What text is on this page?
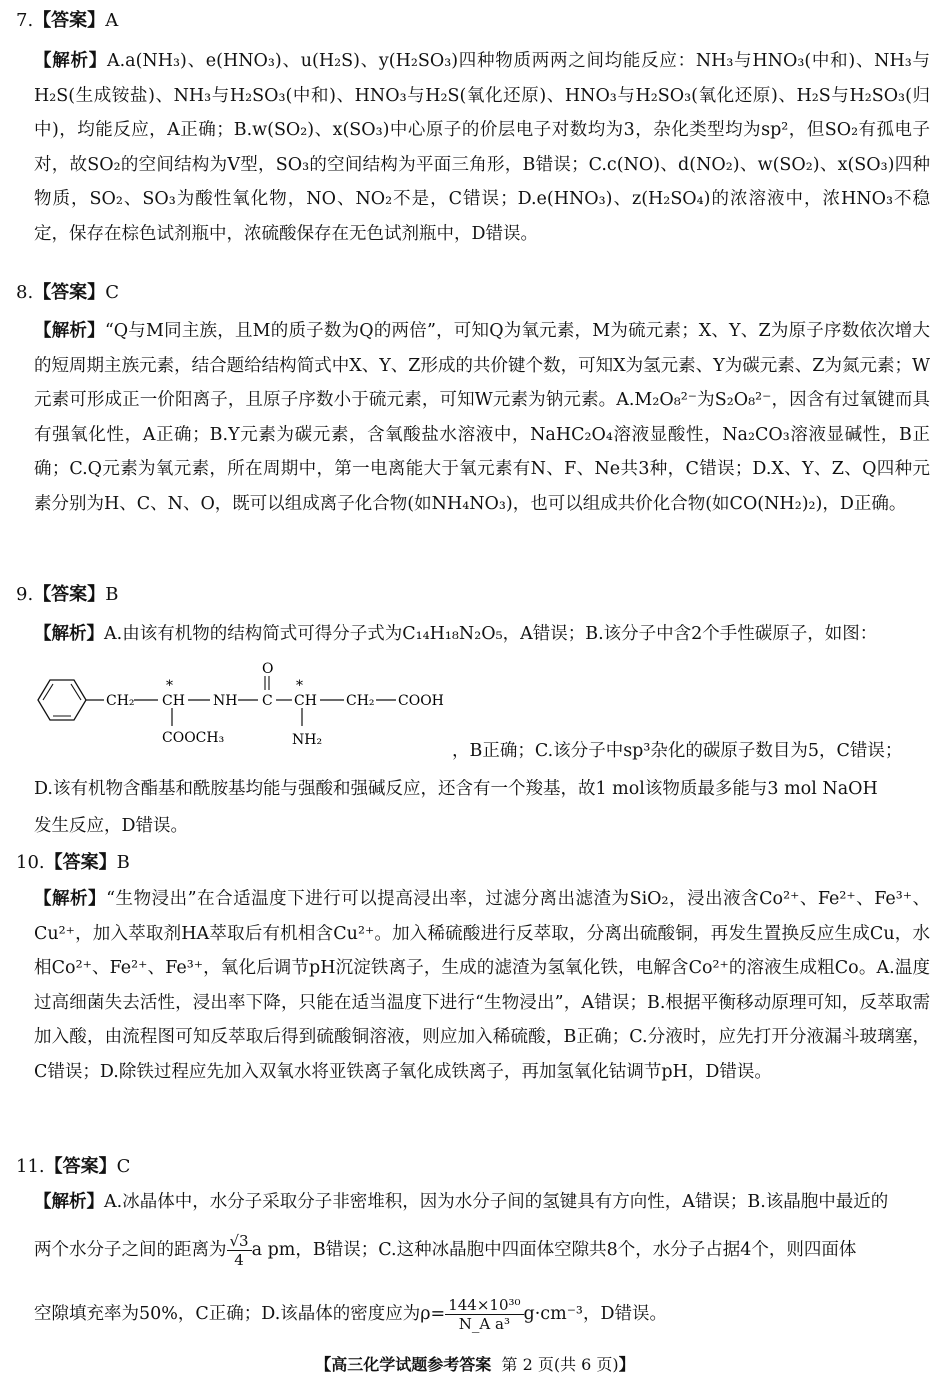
7.【答案】A
【解析】A.a(NH₃)、e(HNO₃)、u(H₂S)、y(H₂SO₃)四种物质两两之间均能反应：NH₃与HNO₃(中和)、NH₃与H₂S(生成铵盐)、NH₃与H₂SO₃(中和)、HNO₃与H₂S(氧化还原)、HNO₃与H₂SO₃(氧化还原)、H₂S与H₂SO₃(归中)，均能反应，A正确；B.w(SO₂)、x(SO₃)中心原子的价层电子对数均为3，杂化类型均为sp²，但SO₂有孤电子对，故SO₂的空间结构为V型，SO₃的空间结构为平面三角形，B错误；C.c(NO)、d(NO₂)、w(SO₂)、x(SO₃)四种物质，SO₂、SO₃为酸性氧化物，NO、NO₂不是，C错误；D.e(HNO₃)、z(H₂SO₄)的浓溶液中，浓HNO₃不稳定，保存在棕色试剂瓶中，浓硫酸保存在无色试剂瓶中，D错误。
8.【答案】C
【解析】“Q与M同主族，且M的质子数为Q的两倍”，可知Q为氧元素，M为硫元素；X、Y、Z为原子序数依次增大的短周期主族元素，结合题给结构简式中X、Y、Z形成的共价键个数，可知X为氢元素、Y为碳元素、Z为氮元素；W元素可形成正一价阳离子，且原子序数小于硫元素，可知W元素为钠元素。A.M₂O₈²⁻为S₂O₈²⁻，因含有过氧键而具有强氧化性，A正确；B.Y元素为碳元素，含氧酸盐水溶液中，NaHC₂O₄溶液显酸性，Na₂CO₃溶液显碱性，B正确；C.Q元素为氧元素，所在周期中，第一电离能大于氧元素有N、F、Ne共3种，C错误；D.X、Y、Z、Q四种元素分别为H、C、N、O，既可以组成离子化合物(如NH₄NO₃)，也可以组成共价化合物(如CO(NH₂)₂)，D正确。
9.【答案】B
【解析】A.由该有机物的结构简式可得分子式为C₁₄H₁₈N₂O₅，A错误；B.该分子中含2个手性碳原子，如图：
CH₂ CH
*
NH C
O
CH
*
CH₂ COOH
COOCH₃	NH₂
，B正确；C.该分子中sp³杂化的碳原子数目为5，C错误；
D.该有机物含酯基和酰胺基均能与强酸和强碱反应，还含有一个羧基，故1 mol该物质最多能与3 mol NaOH
发生反应，D错误。
10.【答案】B
【解析】“生物浸出”在合适温度下进行可以提高浸出率，过滤分离出滤渣为SiO₂，浸出液含Co²⁺、Fe²⁺、Fe³⁺、Cu²⁺，加入萃取剂HA萃取后有机相含Cu²⁺。加入稀硫酸进行反萃取，分离出硫酸铜，再发生置换反应生成Cu，水相Co²⁺、Fe²⁺、Fe³⁺，氧化后调节pH沉淀铁离子，生成的滤渣为氢氧化铁，电解含Co²⁺的溶液生成粗Co。A.温度过高细菌失去活性，浸出率下降，只能在适当温度下进行“生物浸出”，A错误；B.根据平衡移动原理可知，反萃取需加入酸，由流程图可知反萃取后得到硫酸铜溶液，则应加入稀硫酸，B正确；C.分液时，应先打开分液漏斗玻璃塞，C错误；D.除铁过程应先加入双氧水将亚铁离子氧化成铁离子，再加氢氧化钴调节pH，D错误。
11.【答案】C
【解析】A.冰晶体中，水分子采取分子非密堆积，因为水分子间的氢键具有方向性，A错误；B.该晶胞中最近的
两个水分子之间的距离为 $\frac{√3}{4}$ a pm，B错误；C.这种冰晶胞中四面体空隙共8个，水分子占据4个，则四面体
空隙填充率为50%，C正确；D.该晶体的密度应为$\rho= \frac{\text{144×10³⁰}}{\text{N\_A a³}} g\cdot cm^{-3}$，D错误。
【高三化学试题参考答案 第 2 页(共 6 页)】
